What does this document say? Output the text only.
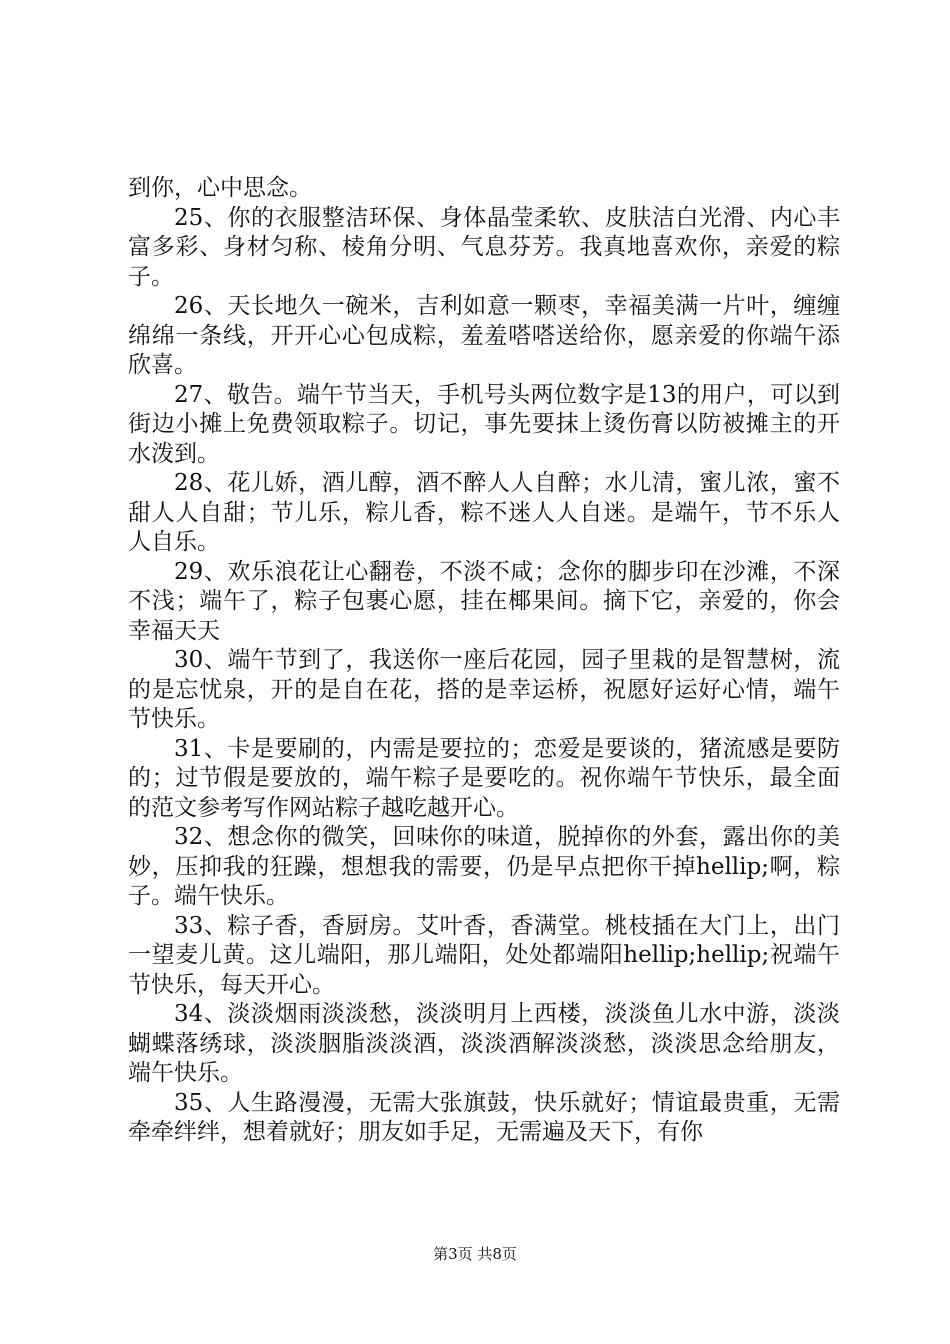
到你，心中思念。

25、你的衣服整洁环保、身体晶莹柔软、皮肤洁白光滑、内心丰富多彩、身材匀称、棱角分明、气息芬芳。我真地喜欢你，亲爱的粽子。

26、天长地久一碗米，吉利如意一颗枣，幸福美满一片叶，缠缠绵绵一条线，开开心心包成粽，羞羞嗒嗒送给你，愿亲爱的你端午添欣喜。

27、敬告。端午节当天，手机号头两位数字是13的用户，可以到街边小摊上免费领取粽子。切记，事先要抹上烫伤膏以防被摊主的开水泼到。

28、花儿娇，酒儿醇，酒不醉人人自醉；水儿清，蜜儿浓，蜜不甜人人自甜；节儿乐，粽儿香，粽不迷人人自迷。是端午，节不乐人人自乐。

29、欢乐浪花让心翻卷，不淡不咸；念你的脚步印在沙滩，不深不浅；端午了，粽子包裹心愿，挂在椰果间。摘下它，亲爱的，你会幸福天天

30、端午节到了，我送你一座后花园，园子里栽的是智慧树，流的是忘忧泉，开的是自在花，搭的是幸运桥，祝愿好运好心情，端午节快乐。

31、卡是要刷的，内需是要拉的；恋爱是要谈的，猪流感是要防的；过节假是要放的，端午粽子是要吃的。祝你端午节快乐，最全面的范文参考写作网站粽子越吃越开心。

32、想念你的微笑，回味你的味道，脱掉你的外套，露出你的美妙，压抑我的狂躁，想想我的需要，仍是早点把你干掉hellip;啊，粽子。端午快乐。

33、粽子香，香厨房。艾叶香，香满堂。桃枝插在大门上，出门一望麦儿黄。这儿端阳，那儿端阳，处处都端阳hellip;hellip;祝端午节快乐，每天开心。

34、淡淡烟雨淡淡愁，淡淡明月上西楼，淡淡鱼儿水中游，淡淡蝴蝶落绣球，淡淡胭脂淡淡酒，淡淡酒解淡淡愁，淡淡思念给朋友，端午快乐。

35、人生路漫漫，无需大张旗鼓，快乐就好；情谊最贵重，无需牵牵绊绊，想着就好；朋友如手足，无需遍及天下，有你

第3页 共8页
